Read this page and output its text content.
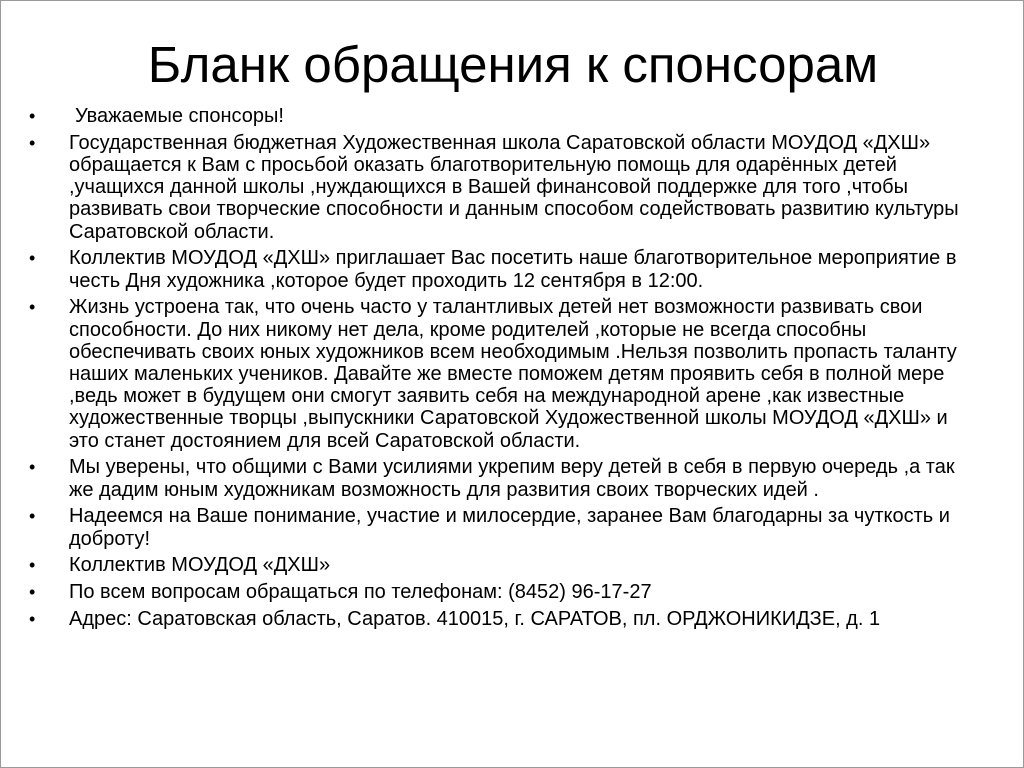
Бланк обращения к спонсорам
•	Уважаемые спонсоры!
•	Государственная бюджетная Художественная школа Саратовской области МОУДОД «ДХШ» обращается к Вам с просьбой оказать благотворительную помощь для одарённых детей ,учащихся данной школы ,нуждающихся в Вашей финансовой поддержке для того ,чтобы развивать свои творческие способности и данным способом содействовать развитию культуры Саратовской области.
•	Коллектив МОУДОД «ДХШ» приглашает Вас посетить наше благотворительное мероприятие в честь Дня художника ,которое будет проходить 12 сентября в 12:00.
•	Жизнь устроена так, что очень часто у талантливых детей нет возможности развивать свои способности. До них никому нет дела, кроме родителей ,которые не всегда способны обеспечивать своих юных художников всем необходимым .Нельзя позволить пропасть таланту наших маленьких учеников. Давайте же вместе поможем детям проявить себя в полной мере ,ведь может в будущем они смогут заявить себя на международной арене ,как известные художественные творцы ,выпускники Саратовской Художественной школы МОУДОД «ДХШ» и это станет достоянием для всей Саратовской области.
•	Мы уверены, что общими с Вами усилиями укрепим веру детей в себя в первую очередь ,а так же дадим юным художникам возможность для развития своих творческих идей .
•	Надеемся на Ваше понимание, участие и милосердие, заранее Вам благодарны за чуткость и доброту!
•	Коллектив МОУДОД «ДХШ»
•	По всем вопросам обращаться по телефонам: (8452) 96-17-27
•	Адрес: Саратовская область, Саратов. 410015, г. САРАТОВ, пл. ОРДЖОНИКИДЗЕ, д. 1
